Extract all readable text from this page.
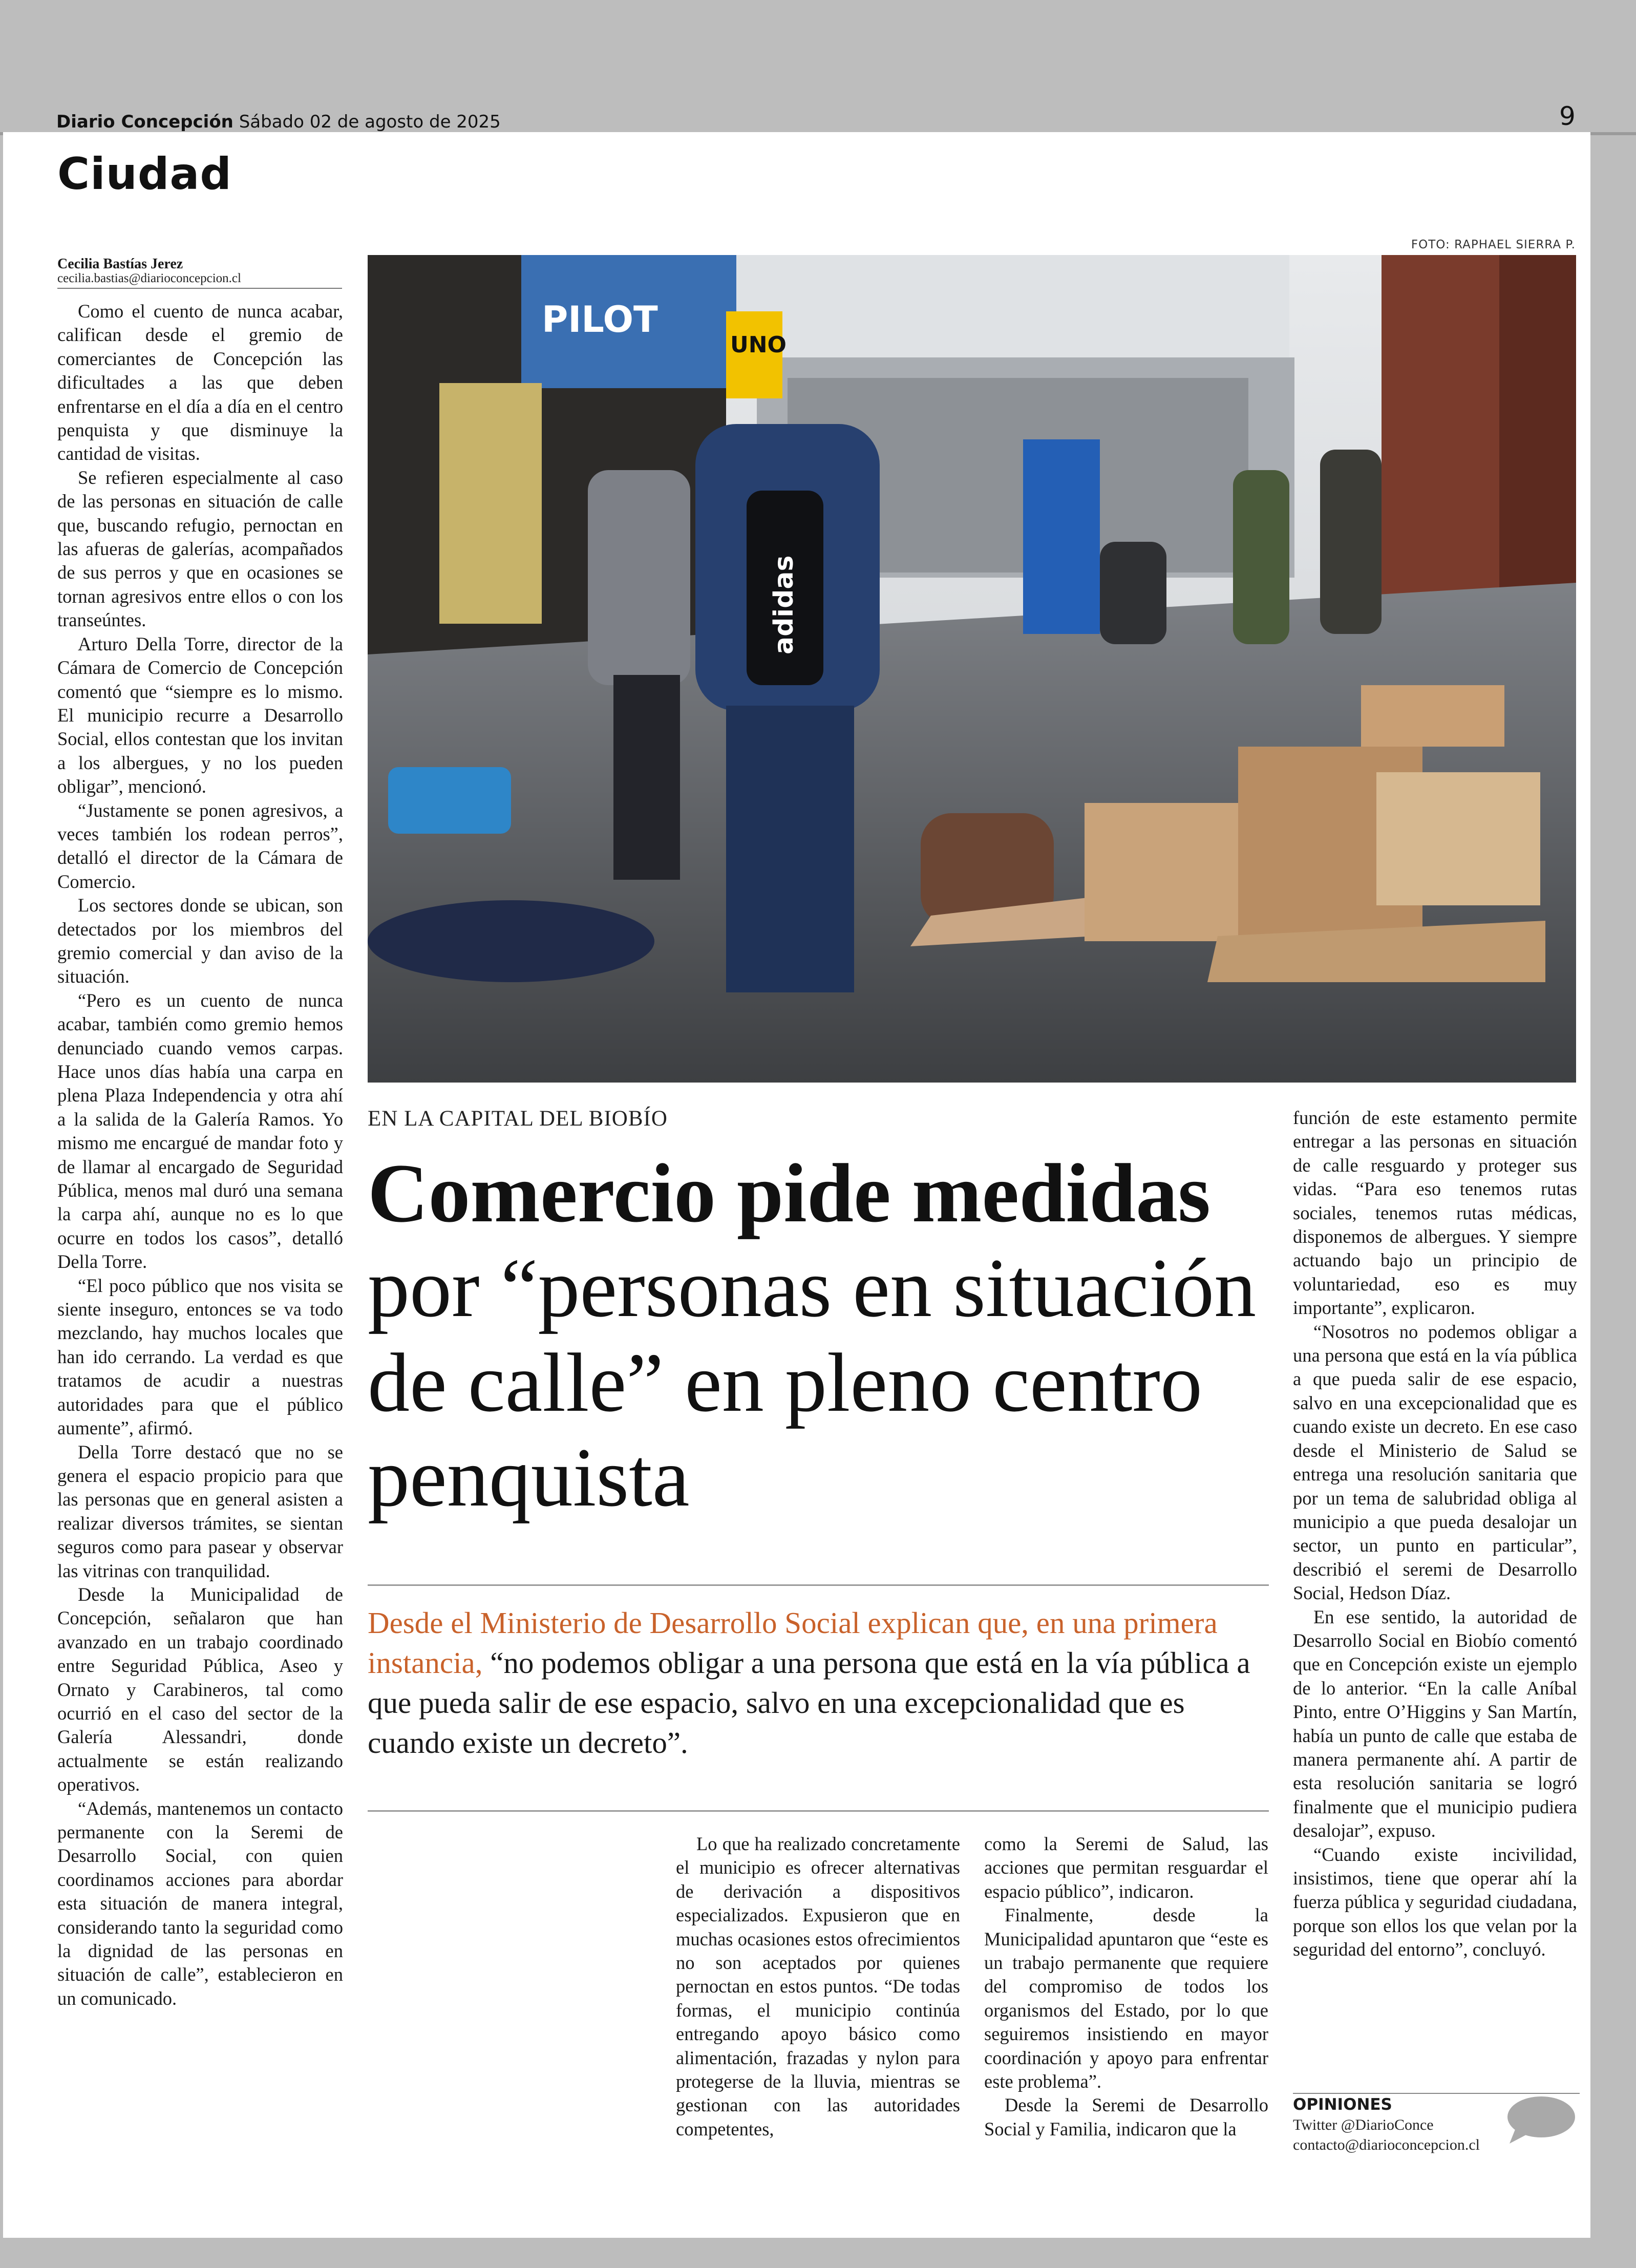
Diario Concepción Sábado 02 de agosto de 2025	9
Ciudad
FOTO: RAPHAEL SIERRA P.
Cecilia Bastías Jerez
cecilia.bastias@diarioconcepcion.cl

Como el cuento de nunca acabar, califican desde el gremio de comerciantes de Concepción las dificultades a las que deben enfrentarse en el día a día en el centro penquista y que disminuye la cantidad de visitas.

Se refieren especialmente al caso de las personas en situación de calle que, buscando refugio, pernoctan en las afueras de galerías, acompañados de sus perros y que en ocasiones se tornan agresivos entre ellos o con los transeúntes.

Arturo Della Torre, director de la Cámara de Comercio de Concepción comentó que “siempre es lo mismo. El municipio recurre a Desarrollo Social, ellos contestan que los invitan a los albergues, y no los pueden obligar”, mencionó.

“Justamente se ponen agresivos, a veces también los rodean perros”, detalló el director de la Cámara de Comercio.

Los sectores donde se ubican, son detectados por los miembros del gremio comercial y dan aviso de la situación.

“Pero es un cuento de nunca acabar, también como gremio hemos denunciado cuando vemos carpas. Hace unos días había una carpa en plena Plaza Independencia y otra ahí a la salida de la Galería Ramos. Yo mismo me encargué de mandar foto y de llamar al encargado de Seguridad Pública, menos mal duró una semana la carpa ahí, aunque no es lo que ocurre en todos los casos”, detalló Della Torre.

“El poco público que nos visita se siente inseguro, entonces se va todo mezclando, hay muchos locales que han ido cerrando. La verdad es que tratamos de acudir a nuestras autoridades para que el público aumente”, afirmó.

Della Torre destacó que no se genera el espacio propicio para que las personas que en general asisten a realizar diversos trámites, se sientan seguros como para pasear y observar las vitrinas con tranquilidad.

Desde la Municipalidad de Concepción, señalaron que han avanzado en un trabajo coordinado entre Seguridad Pública, Aseo y Ornato y Carabineros, tal como ocurrió en el caso del sector de la Galería Alessandri, donde actualmente se están realizando operativos.

“Además, mantenemos un contacto permanente con la Seremi de Desarrollo Social, con quien coordinamos acciones para abordar esta situación de manera integral, considerando tanto la seguridad como la dignidad de las personas en situación de calle”, establecieron en un comunicado.

PILOT
UNO
adidas
EN LA CAPITAL DEL BIOBÍO
Comercio pide medidas por “personas en situación de calle” en pleno centro penquista
Desde el Ministerio de Desarrollo Social explican que, en una primera instancia, “no podemos obligar a una persona que está en la vía pública a que pueda salir de ese espacio, salvo en una excepcionalidad que es cuando existe un decreto”.

Lo que ha realizado concretamente el municipio es ofrecer alternativas de derivación a dispositivos especializados. Expusieron que en muchas ocasiones estos ofrecimientos no son aceptados por quienes pernoctan en estos puntos. “De todas formas, el municipio continúa entregando apoyo básico como alimentación, frazadas y nylon para protegerse de la lluvia, mientras se gestionan con las autoridades competentes,

como la Seremi de Salud, las acciones que permitan resguardar el espacio público”, indicaron.

Finalmente, desde la Municipalidad apuntaron que “este es un trabajo permanente que requiere del compromiso de todos los organismos del Estado, por lo que seguiremos insistiendo en mayor coordinación y apoyo para enfrentar este problema”.

Desde la Seremi de Desarrollo Social y Familia, indicaron que la

función de este estamento permite entregar a las personas en situación de calle resguardo y proteger sus vidas. “Para eso tenemos rutas sociales, tenemos rutas médicas, disponemos de albergues. Y siempre actuando bajo un principio de voluntariedad, eso es muy importante”, explicaron.

“Nosotros no podemos obligar a una persona que está en la vía pública a que pueda salir de ese espacio, salvo en una excepcionalidad que es cuando existe un decreto. En ese caso desde el Ministerio de Salud se entrega una resolución sanitaria que por un tema de salubridad obliga al municipio a que pueda desalojar un sector, un punto en particular”, describió el seremi de Desarrollo Social, Hedson Díaz.

En ese sentido, la autoridad de Desarrollo Social en Biobío comentó que en Concepción existe un ejemplo de lo anterior. “En la calle Aníbal Pinto, entre O’Higgins y San Martín, había un punto de calle que estaba de manera permanente ahí. A partir de esta resolución sanitaria se logró finalmente que el municipio pudiera desalojar”, expuso.

“Cuando existe incivilidad, insistimos, tiene que operar ahí la fuerza pública y seguridad ciudadana, porque son ellos los que velan por la seguridad del entorno”, concluyó.

OPINIONES
Twitter @DiarioConce
contacto@diarioconcepcion.cl
